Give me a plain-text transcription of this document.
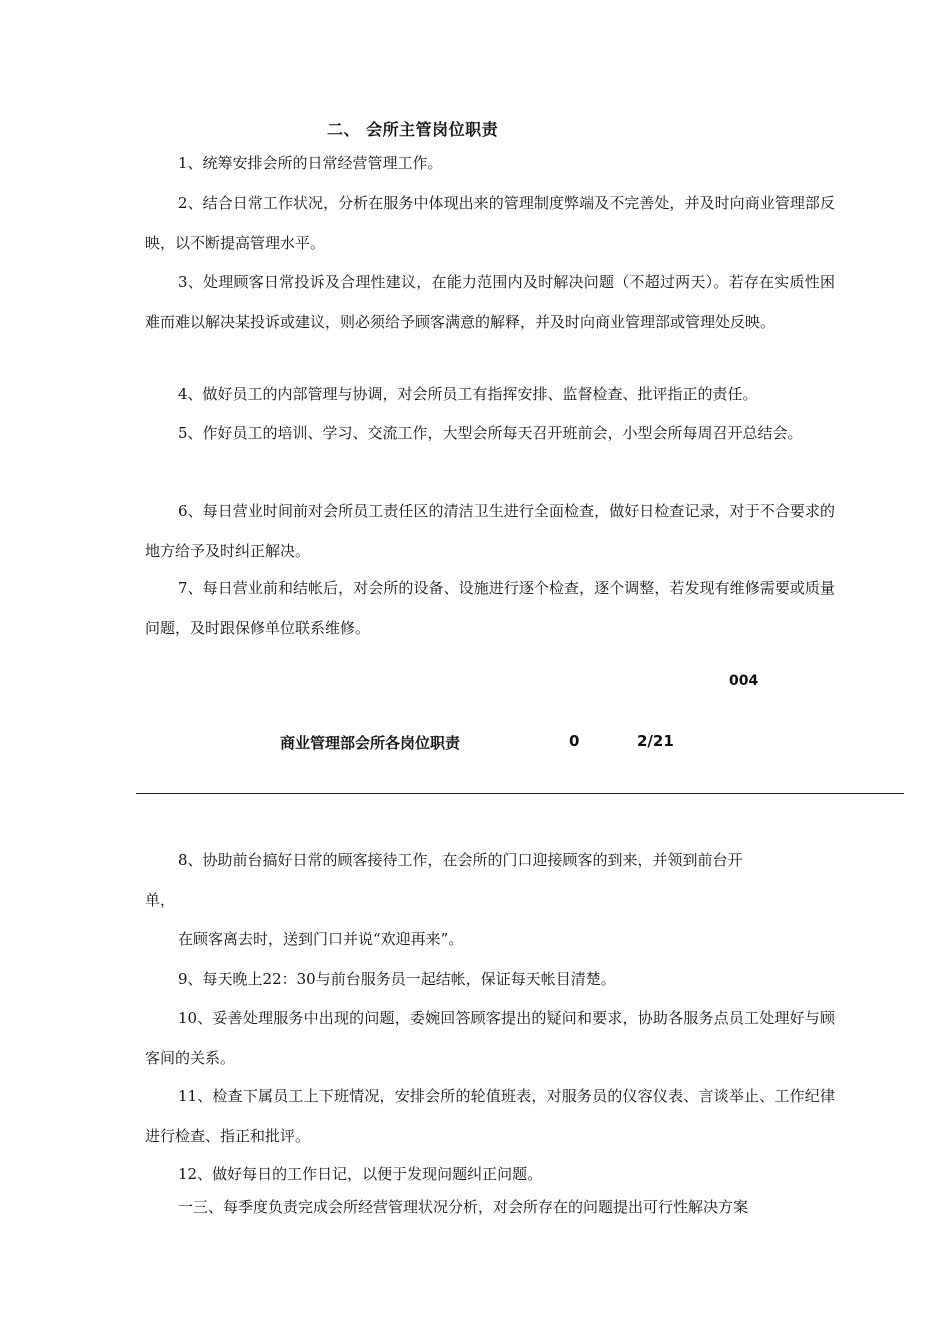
二、 会所主管岗位职责

1、统筹安排会所的日常经营管理工作。

2、结合日常工作状况，分析在服务中体现出来的管理制度弊端及不完善处，并及时向商业管理部反映，以不断提高管理水平。

3、处理顾客日常投诉及合理性建议，在能力范围内及时解决问题（不超过两天）。若存在实质性困难而难以解决某投诉或建议，则必须给予顾客满意的解释，并及时向商业管理部或管理处反映。

4、做好员工的内部管理与协调，对会所员工有指挥安排、监督检查、批评指正的责任。

5、作好员工的培训、学习、交流工作，大型会所每天召开班前会，小型会所每周召开总结会。

6、每日营业时间前对会所员工责任区的清洁卫生进行全面检查，做好日检查记录，对于不合要求的地方给予及时纠正解决。

7、每日营业前和结帐后，对会所的设备、设施进行逐个检查，逐个调整，若发现有维修需要或质量问题，及时跟保修单位联系维修。

004
商业管理部会所各岗位职责	0	2/21
8、协助前台搞好日常的顾客接待工作，在会所的门口迎接顾客的到来，并领到前台开
单，
在顾客离去时，送到门口并说“欢迎再来”。

9、每天晚上22：30与前台服务员一起结帐，保证每天帐目清楚。

10、妥善处理服务中出现的问题，委婉回答顾客提出的疑问和要求，协助各服务点员工处理好与顾客间的关系。

11、检查下属员工上下班情况，安排会所的轮值班表，对服务员的仪容仪表、言谈举止、工作纪律进行检查、指正和批评。

12、做好每日的工作日记，以便于发现问题纠正问题。

一三、每季度负责完成会所经营管理状况分析，对会所存在的问题提出可行性解决方案
